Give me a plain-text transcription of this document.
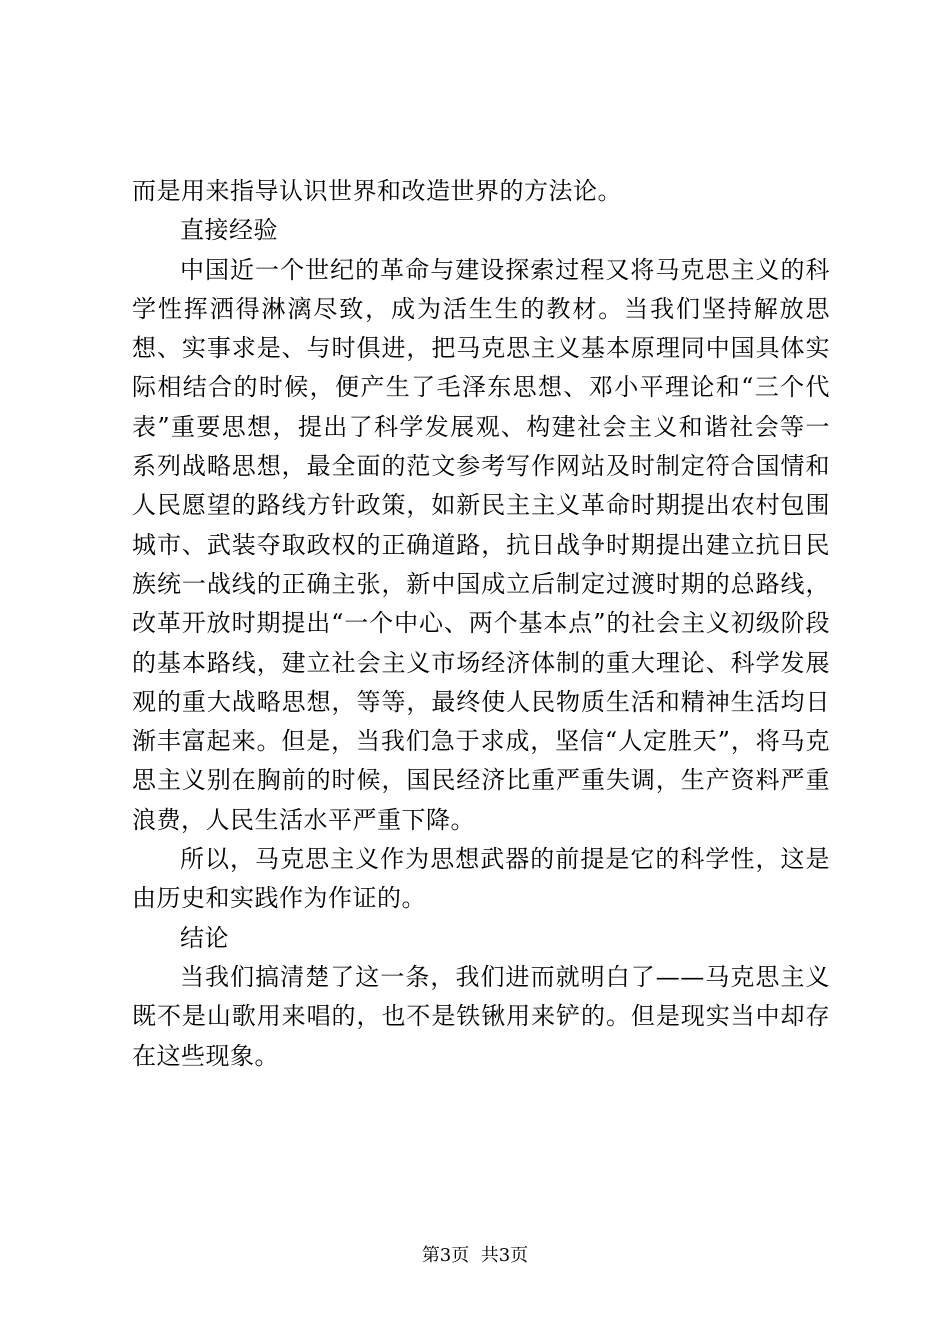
而是用来指导认识世界和改造世界的方法论。

直接经验

中国近一个世纪的革命与建设探索过程又将马克思主义的科学性挥洒得淋漓尽致，成为活生生的教材。当我们坚持解放思想、实事求是、与时俱进，把马克思主义基本原理同中国具体实际相结合的时候，便产生了毛泽东思想、邓小平理论和“三个代表”重要思想，提出了科学发展观、构建社会主义和谐社会等一系列战略思想，最全面的范文参考写作网站及时制定符合国情和人民愿望的路线方针政策，如新民主主义革命时期提出农村包围城市、武装夺取政权的正确道路，抗日战争时期提出建立抗日民族统一战线的正确主张，新中国成立后制定过渡时期的总路线，改革开放时期提出“一个中心、两个基本点”的社会主义初级阶段的基本路线，建立社会主义市场经济体制的重大理论、科学发展观的重大战略思想，等等，最终使人民物质生活和精神生活均日渐丰富起来。但是，当我们急于求成，坚信“人定胜天”，将马克思主义别在胸前的时候，国民经济比重严重失调，生产资料严重浪费，人民生活水平严重下降。

所以，马克思主义作为思想武器的前提是它的科学性，这是由历史和实践作为作证的。

结论

当我们搞清楚了这一条，我们进而就明白了——马克思主义既不是山歌用来唱的，也不是铁锹用来铲的。但是现实当中却存在这些现象。

第3页 共3页
